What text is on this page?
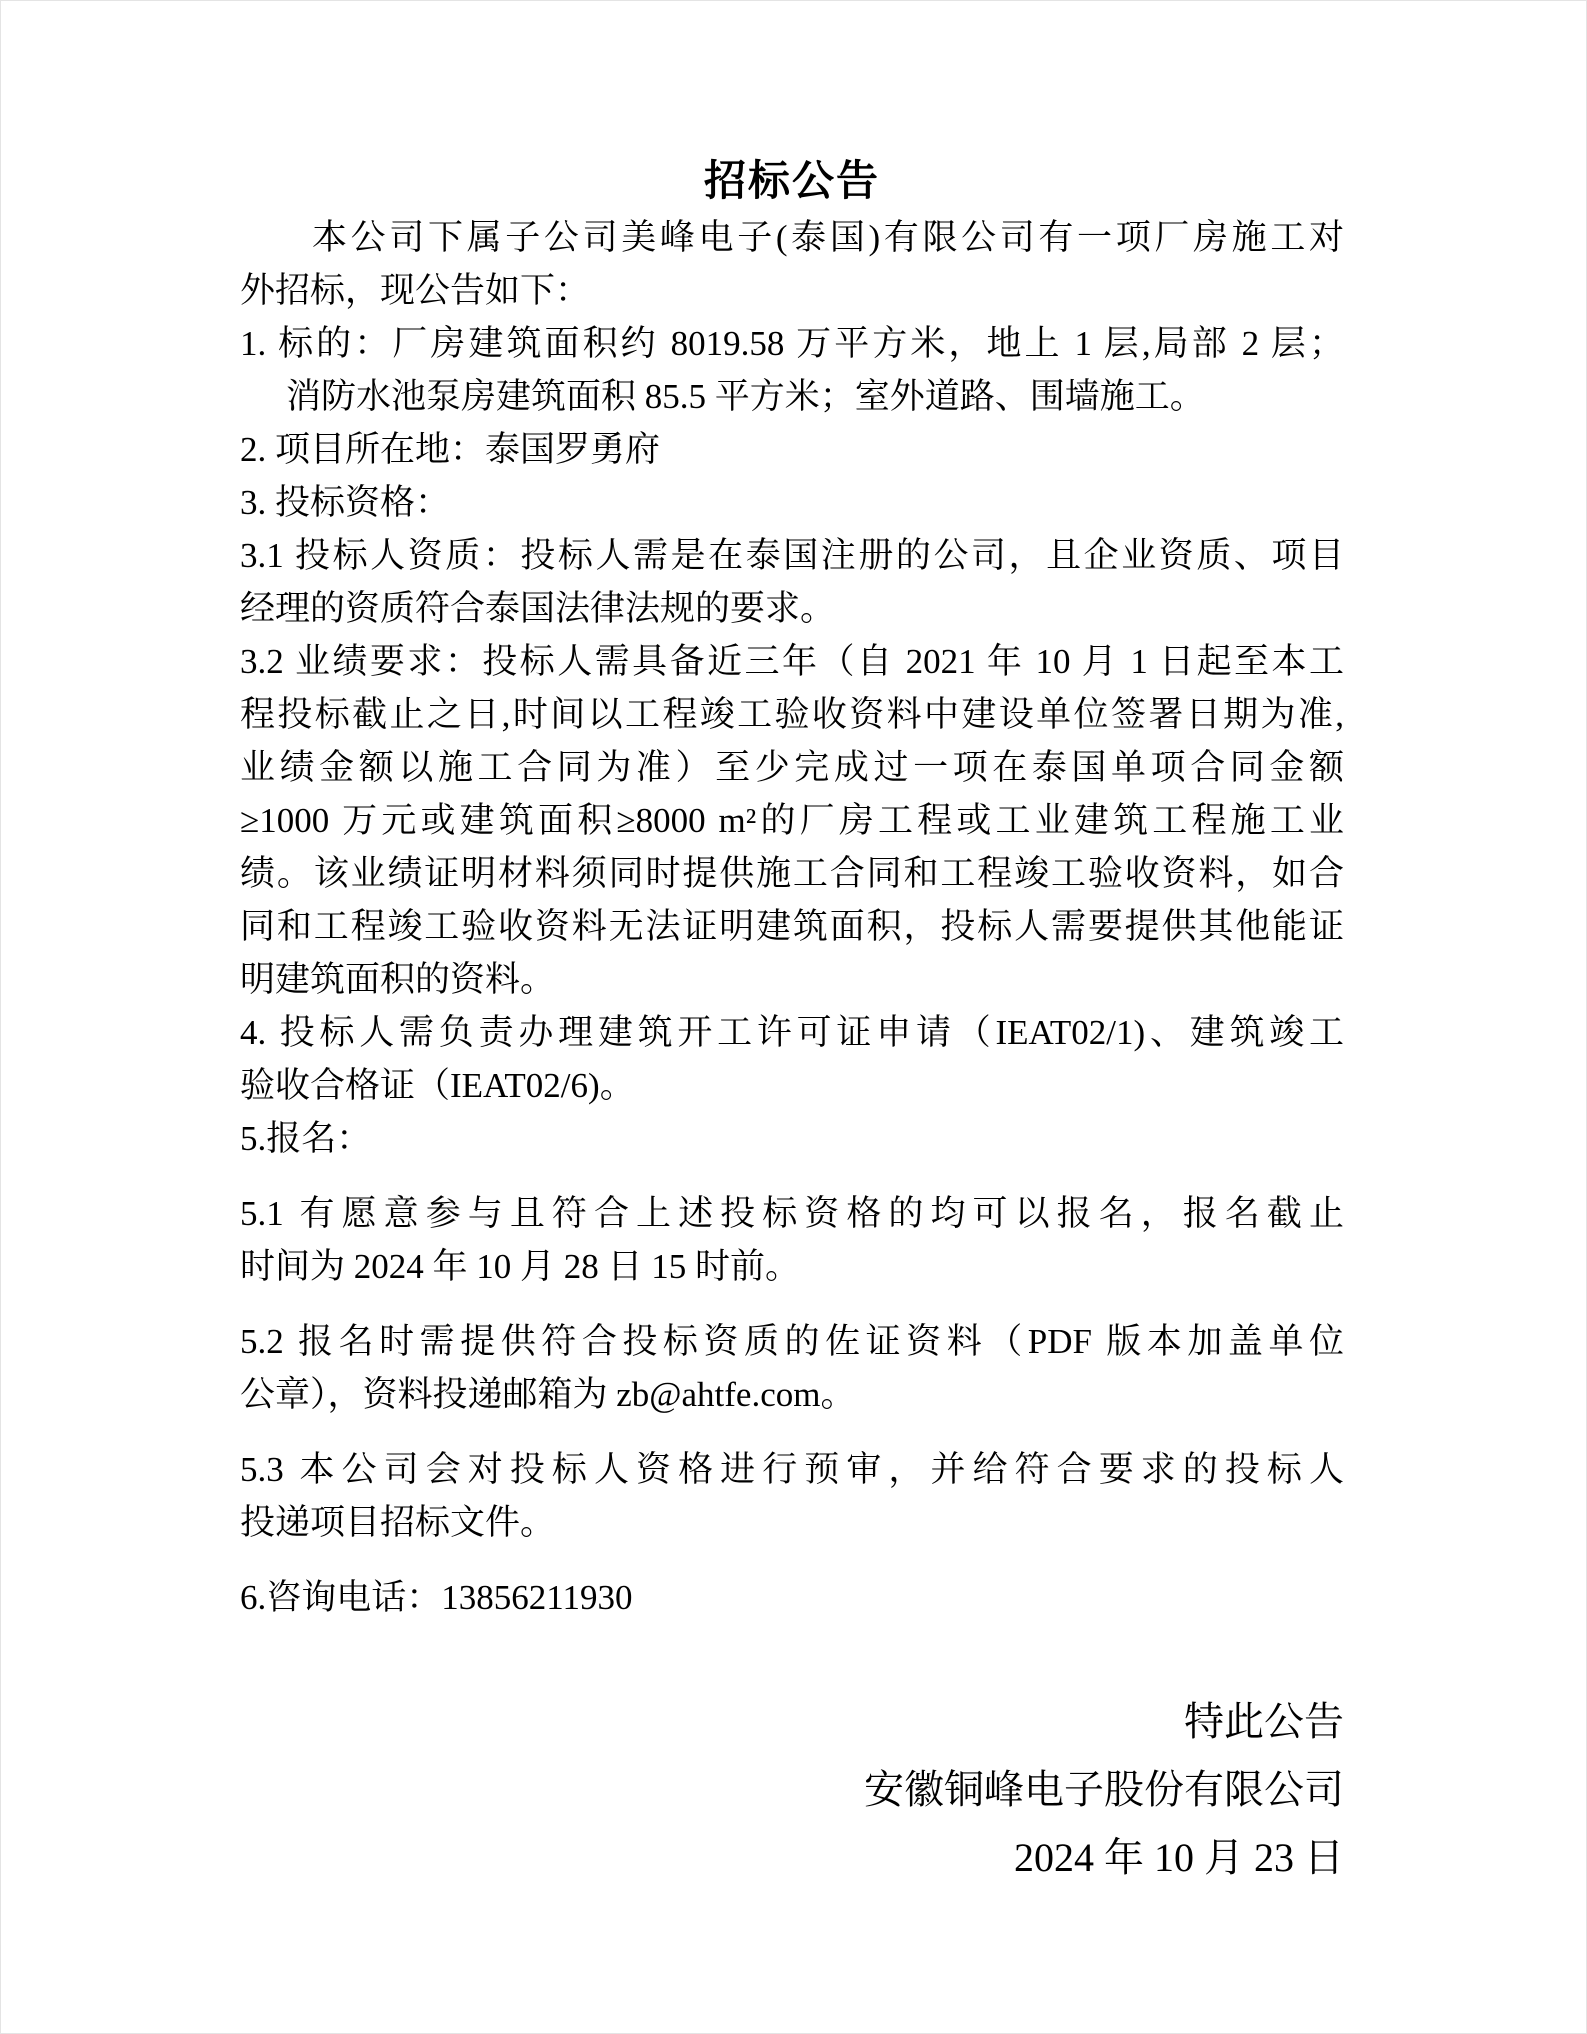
招标公告
本公司下属子公司美峰电子(泰国)有限公司有一项厂房施工对
外招标，现公告如下：
1. 标的：厂房建筑面积约 8019.58 万平方米，地上 1 层,局部 2 层；
消防水池泵房建筑面积 85.5 平方米；室外道路、围墙施工。
2. 项目所在地：泰国罗勇府
3. 投标资格：
3.1 投标人资质：投标人需是在泰国注册的公司，且企业资质、项目
经理的资质符合泰国法律法规的要求。
3.2 业绩要求：投标人需具备近三年（自 2021 年 10 月 1 日起至本工
程投标截止之日,时间以工程竣工验收资料中建设单位签署日期为准,
业绩金额以施工合同为准）至少完成过一项在泰国单项合同金额
≥1000 万元或建筑面积≥8000 m²的厂房工程或工业建筑工程施工业
绩。该业绩证明材料须同时提供施工合同和工程竣工验收资料，如合
同和工程竣工验收资料无法证明建筑面积，投标人需要提供其他能证
明建筑面积的资料。
4. 投标人需负责办理建筑开工许可证申请（IEAT02/1)、建筑竣工
验收合格证（IEAT02/6)。
5.报名：
5.1 有愿意参与且符合上述投标资格的均可以报名，报名截止
时间为 2024 年 10 月 28 日 15 时前。
5.2 报名时需提供符合投标资质的佐证资料（PDF 版本加盖单位
公章），资料投递邮箱为 zb@ahtfe.com。
5.3 本公司会对投标人资格进行预审，并给符合要求的投标人
投递项目招标文件。
6.咨询电话：13856211930
特此公告
安徽铜峰电子股份有限公司
2024 年 10 月 23 日
